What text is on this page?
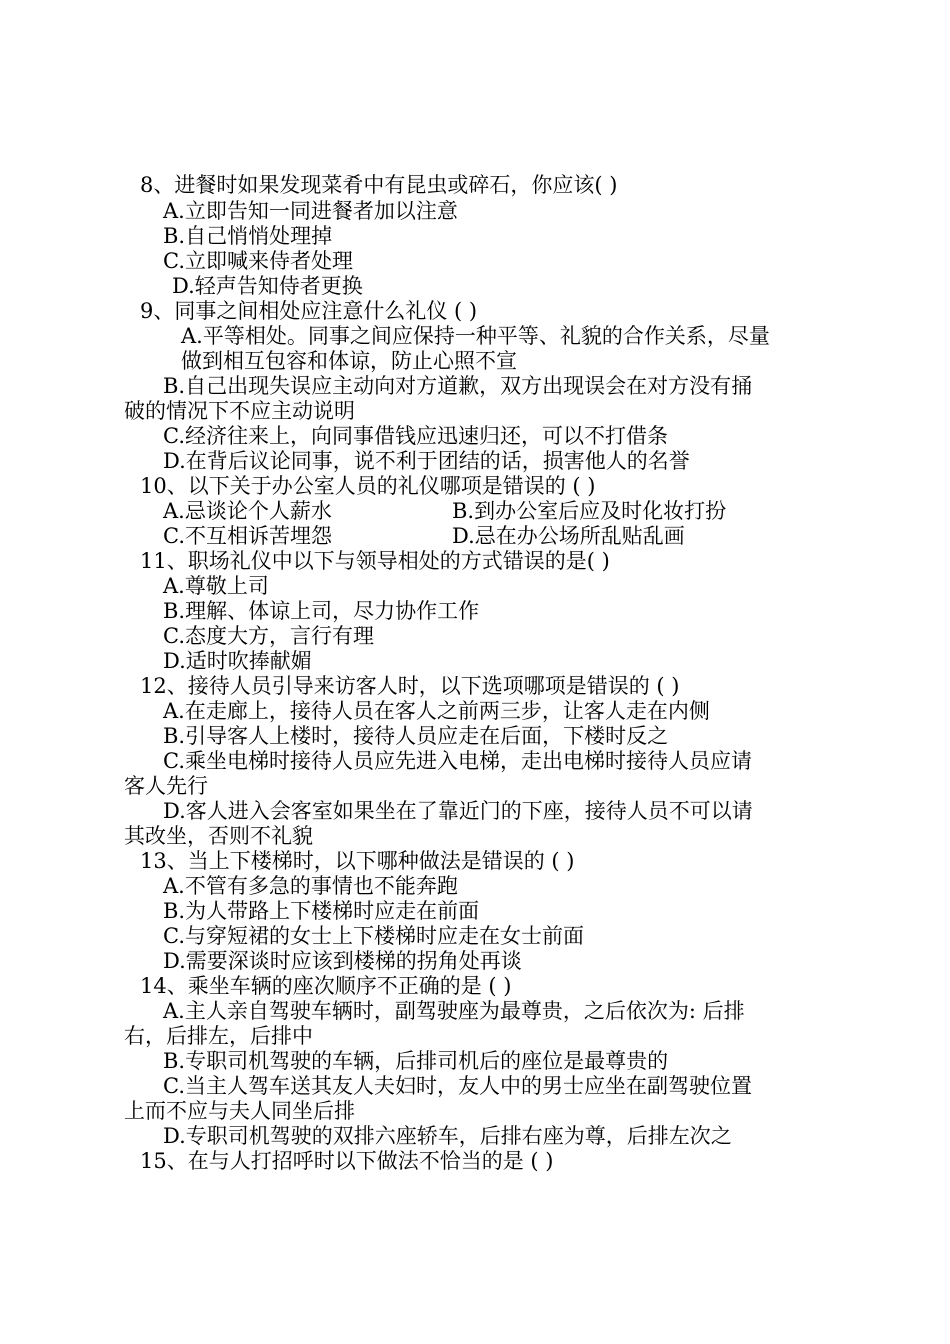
8、进餐时如果发现菜肴中有昆虫或碎石，你应该( )
A.立即告知一同进餐者加以注意
B.自己悄悄处理掉
C.立即喊来侍者处理
D.轻声告知侍者更换
9、同事之间相处应注意什么礼仪 ( )
A.平等相处。同事之间应保持一种平等、礼貌的合作关系，尽量
做到相互包容和体谅，防止心照不宣
B.自己出现失误应主动向对方道歉，双方出现误会在对方没有捅
破的情况下不应主动说明
C.经济往来上，向同事借钱应迅速归还，可以不打借条
D.在背后议论同事，说不利于团结的话，损害他人的名誉
10、以下关于办公室人员的礼仪哪项是错误的 ( )
A.忌谈论个人薪水	B.到办公室后应及时化妆打扮
C.不互相诉苦埋怨	D.忌在办公场所乱贴乱画
11、职场礼仪中以下与领导相处的方式错误的是( )
A.尊敬上司
B.理解、体谅上司，尽力协作工作
C.态度大方，言行有理
D.适时吹捧献媚
12、接待人员引导来访客人时，以下选项哪项是错误的 ( )
A.在走廊上，接待人员在客人之前两三步，让客人走在内侧
B.引导客人上楼时，接待人员应走在后面，下楼时反之
C.乘坐电梯时接待人员应先进入电梯，走出电梯时接待人员应请
客人先行
D.客人进入会客室如果坐在了靠近门的下座，接待人员不可以请
其改坐，否则不礼貌
13、当上下楼梯时，以下哪种做法是错误的 ( )
A.不管有多急的事情也不能奔跑
B.为人带路上下楼梯时应走在前面
C.与穿短裙的女士上下楼梯时应走在女士前面
D.需要深谈时应该到楼梯的拐角处再谈
14、乘坐车辆的座次顺序不正确的是 ( )
A.主人亲自驾驶车辆时，副驾驶座为最尊贵，之后依次为: 后排
右，后排左，后排中
B.专职司机驾驶的车辆，后排司机后的座位是最尊贵的
C.当主人驾车送其友人夫妇时，友人中的男士应坐在副驾驶位置
上而不应与夫人同坐后排
D.专职司机驾驶的双排六座轿车，后排右座为尊，后排左次之
15、在与人打招呼时以下做法不恰当的是 ( )
